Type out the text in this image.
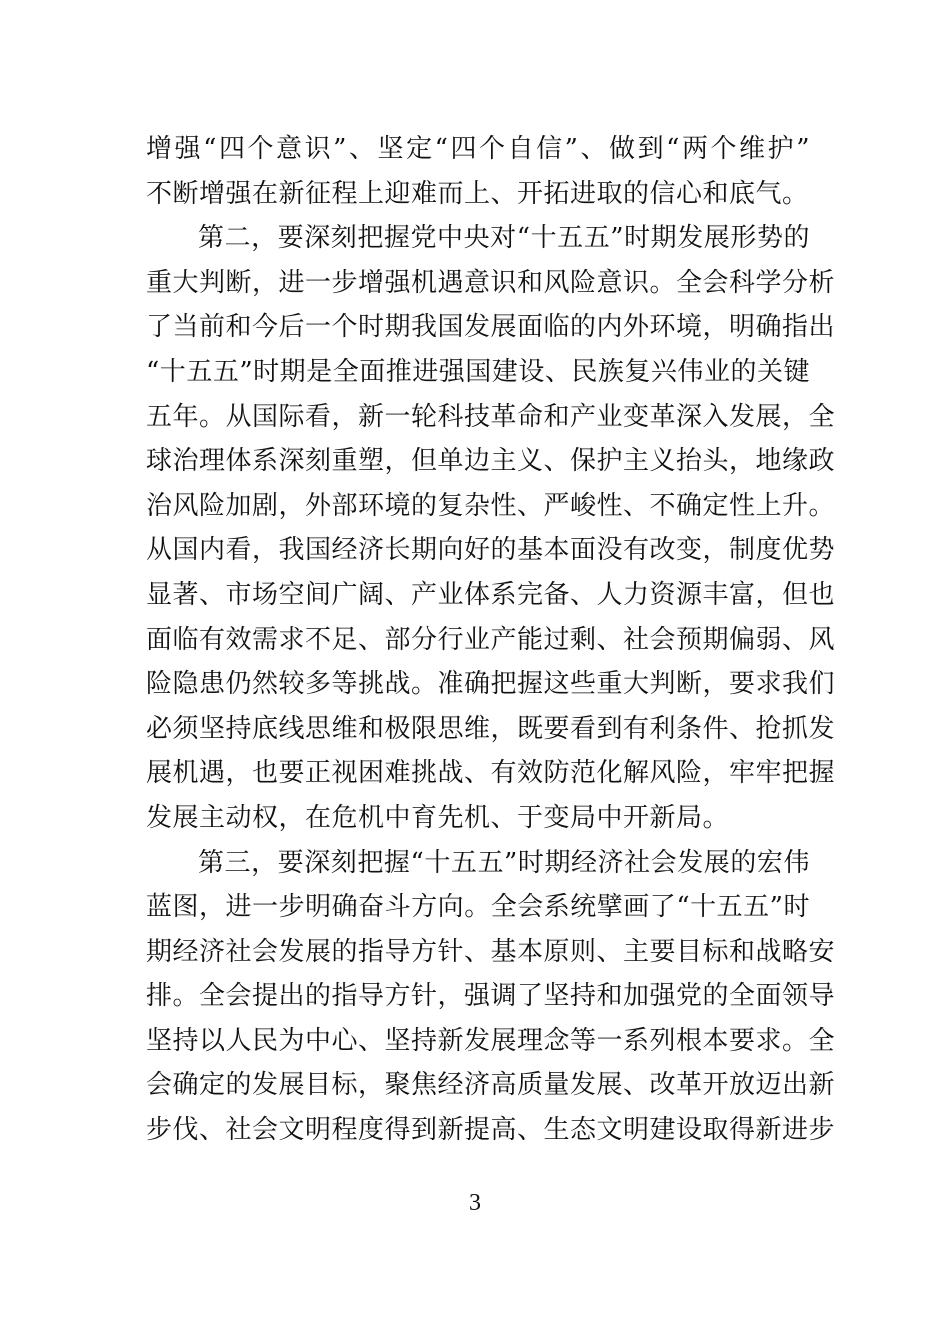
增强“四个意识”、坚定“四个自信”、做到“两个维护”
不断增强在新征程上迎难而上、开拓进取的信心和底气。
第二，要深刻把握党中央对“十五五”时期发展形势的
重大判断，进一步增强机遇意识和风险意识。全会科学分析
了当前和今后一个时期我国发展面临的内外环境，明确指出
“十五五”时期是全面推进强国建设、民族复兴伟业的关键
五年。从国际看，新一轮科技革命和产业变革深入发展，全
球治理体系深刻重塑，但单边主义、保护主义抬头，地缘政
治风险加剧，外部环境的复杂性、严峻性、不确定性上升。
从国内看，我国经济长期向好的基本面没有改变，制度优势
显著、市场空间广阔、产业体系完备、人力资源丰富，但也
面临有效需求不足、部分行业产能过剩、社会预期偏弱、风
险隐患仍然较多等挑战。准确把握这些重大判断，要求我们
必须坚持底线思维和极限思维，既要看到有利条件、抢抓发
展机遇，也要正视困难挑战、有效防范化解风险，牢牢把握
发展主动权，在危机中育先机、于变局中开新局。
第三，要深刻把握“十五五”时期经济社会发展的宏伟
蓝图，进一步明确奋斗方向。全会系统擘画了“十五五”时
期经济社会发展的指导方针、基本原则、主要目标和战略安
排。全会提出的指导方针，强调了坚持和加强党的全面领导
坚持以人民为中心、坚持新发展理念等一系列根本要求。全
会确定的发展目标，聚焦经济高质量发展、改革开放迈出新
步伐、社会文明程度得到新提高、生态文明建设取得新进步
3
